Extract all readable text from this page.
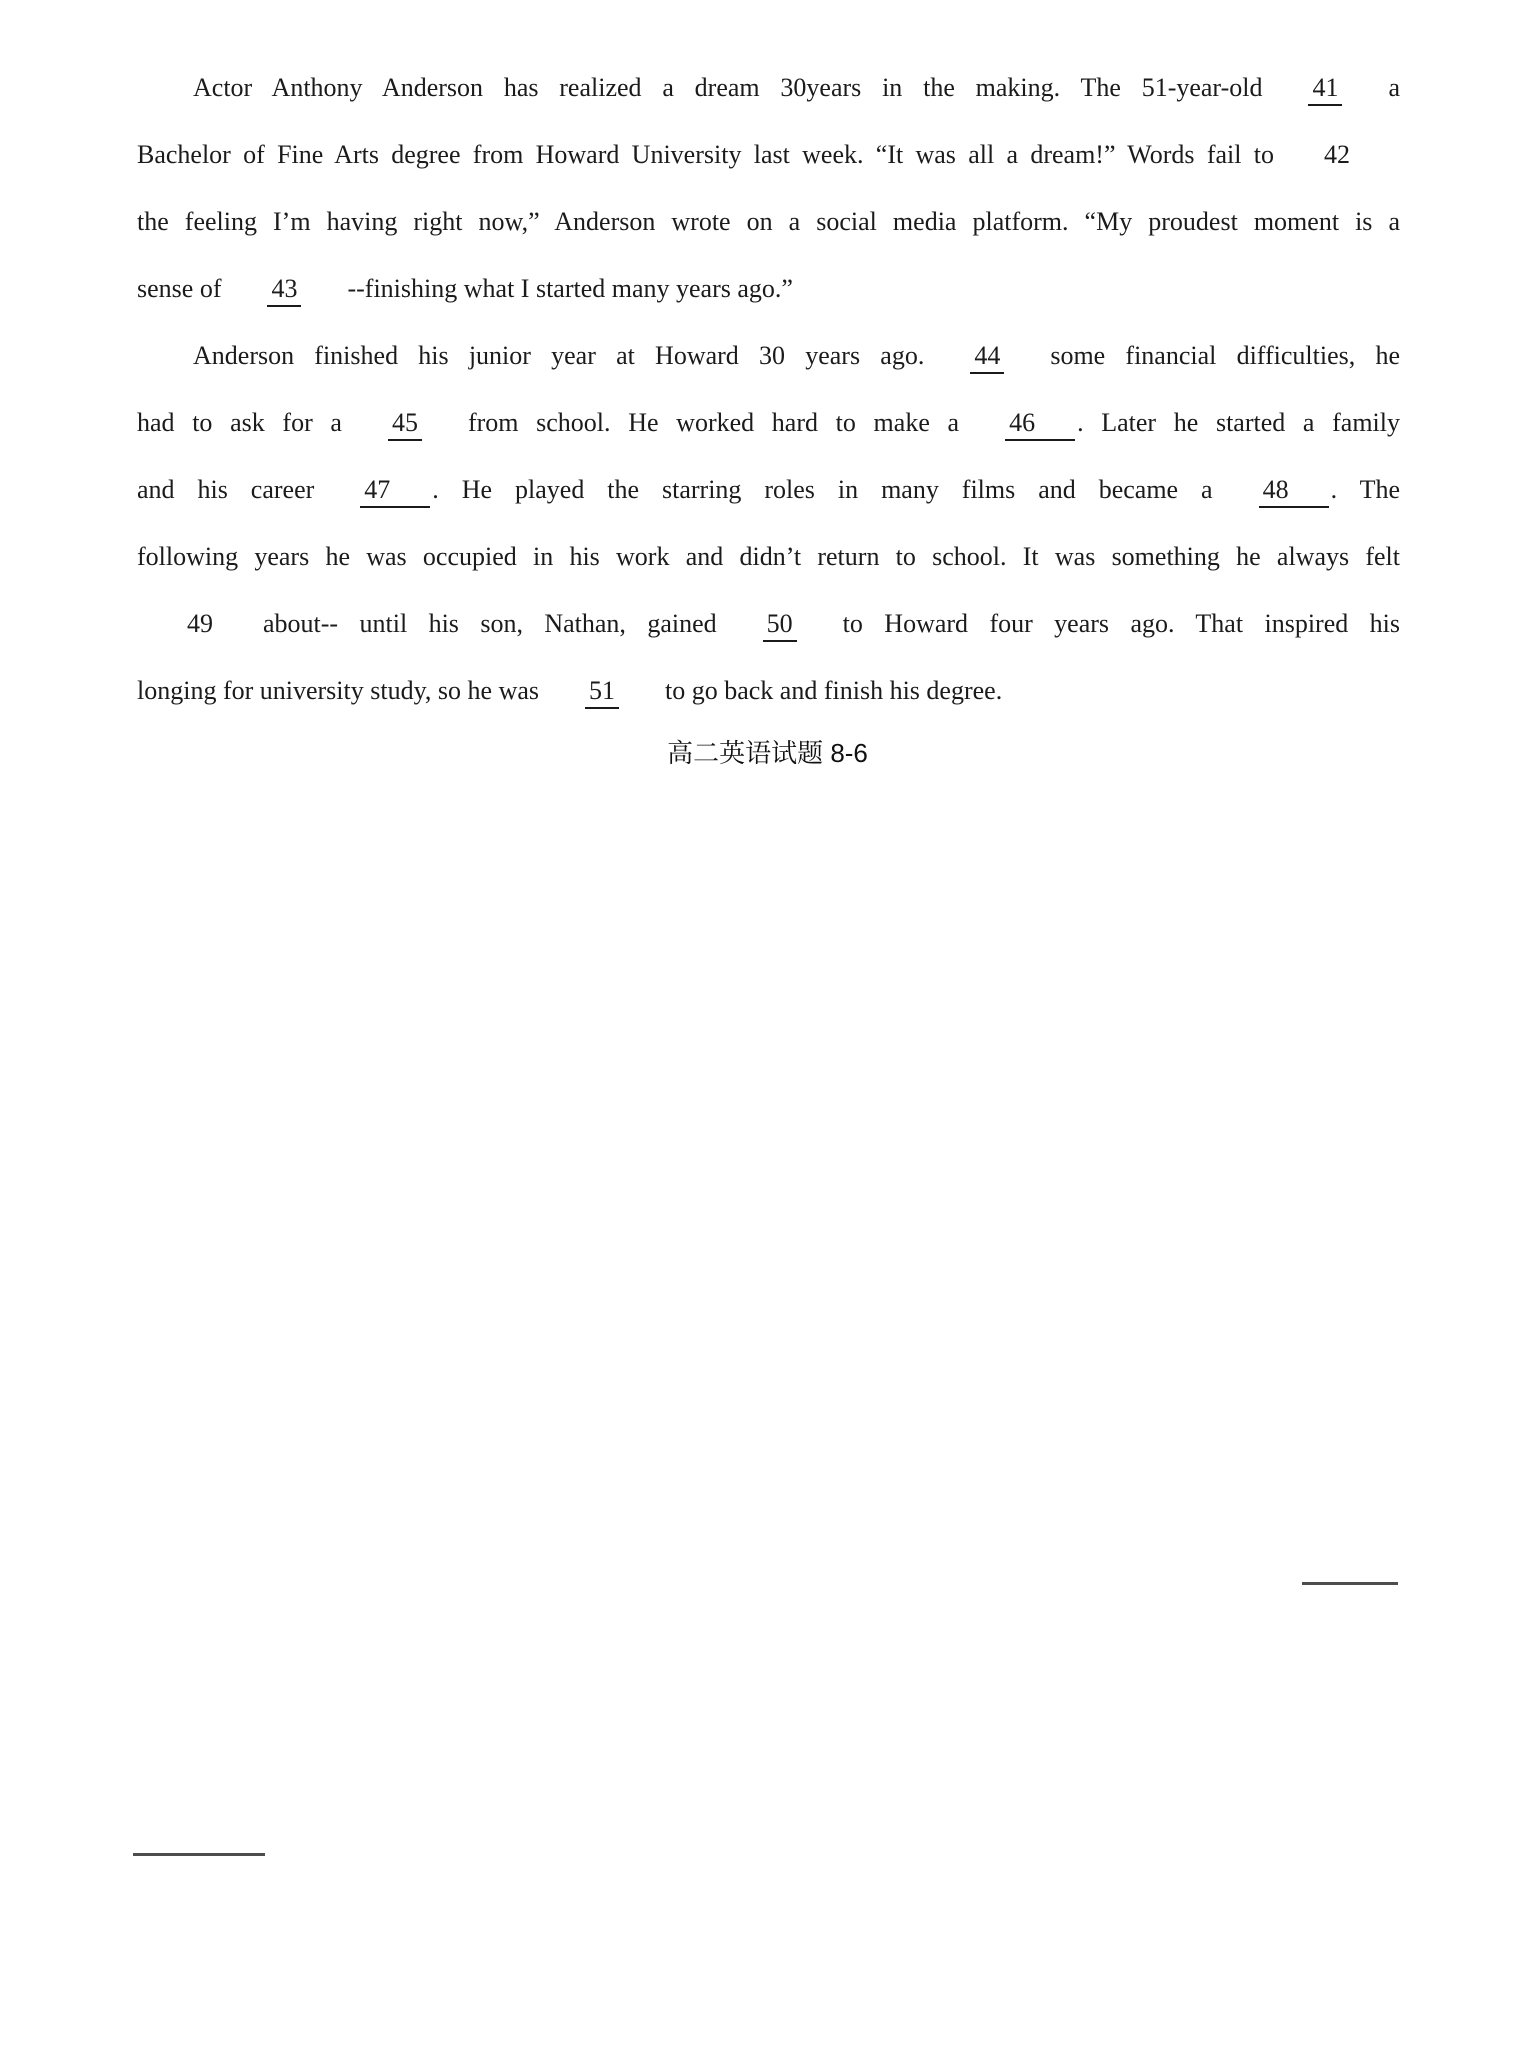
Actor Anthony Anderson has realized a dream 30years in the making. The 51-year-old 41 a
Bachelor of Fine Arts degree from Howard University last week. “It was all a dream!” Words fail to 42
the feeling I’m having right now,” Anderson wrote on a social media platform. “My proudest moment is a
sense of 43 --finishing what I started many years ago.”
Anderson finished his junior year at Howard 30 years ago. 44 some financial difficulties, he
had to ask for a 45 from school. He worked hard to make a 46 . Later he started a family
and his career 47 . He played the starring roles in many films and became a 48 . The
following years he was occupied in his work and didn’t return to school. It was something he always felt
49 about-- until his son, Nathan, gained 50 to Howard four years ago. That inspired his
longing for university study, so he was 51 to go back and finish his degree.
高二英语试题 8-6
